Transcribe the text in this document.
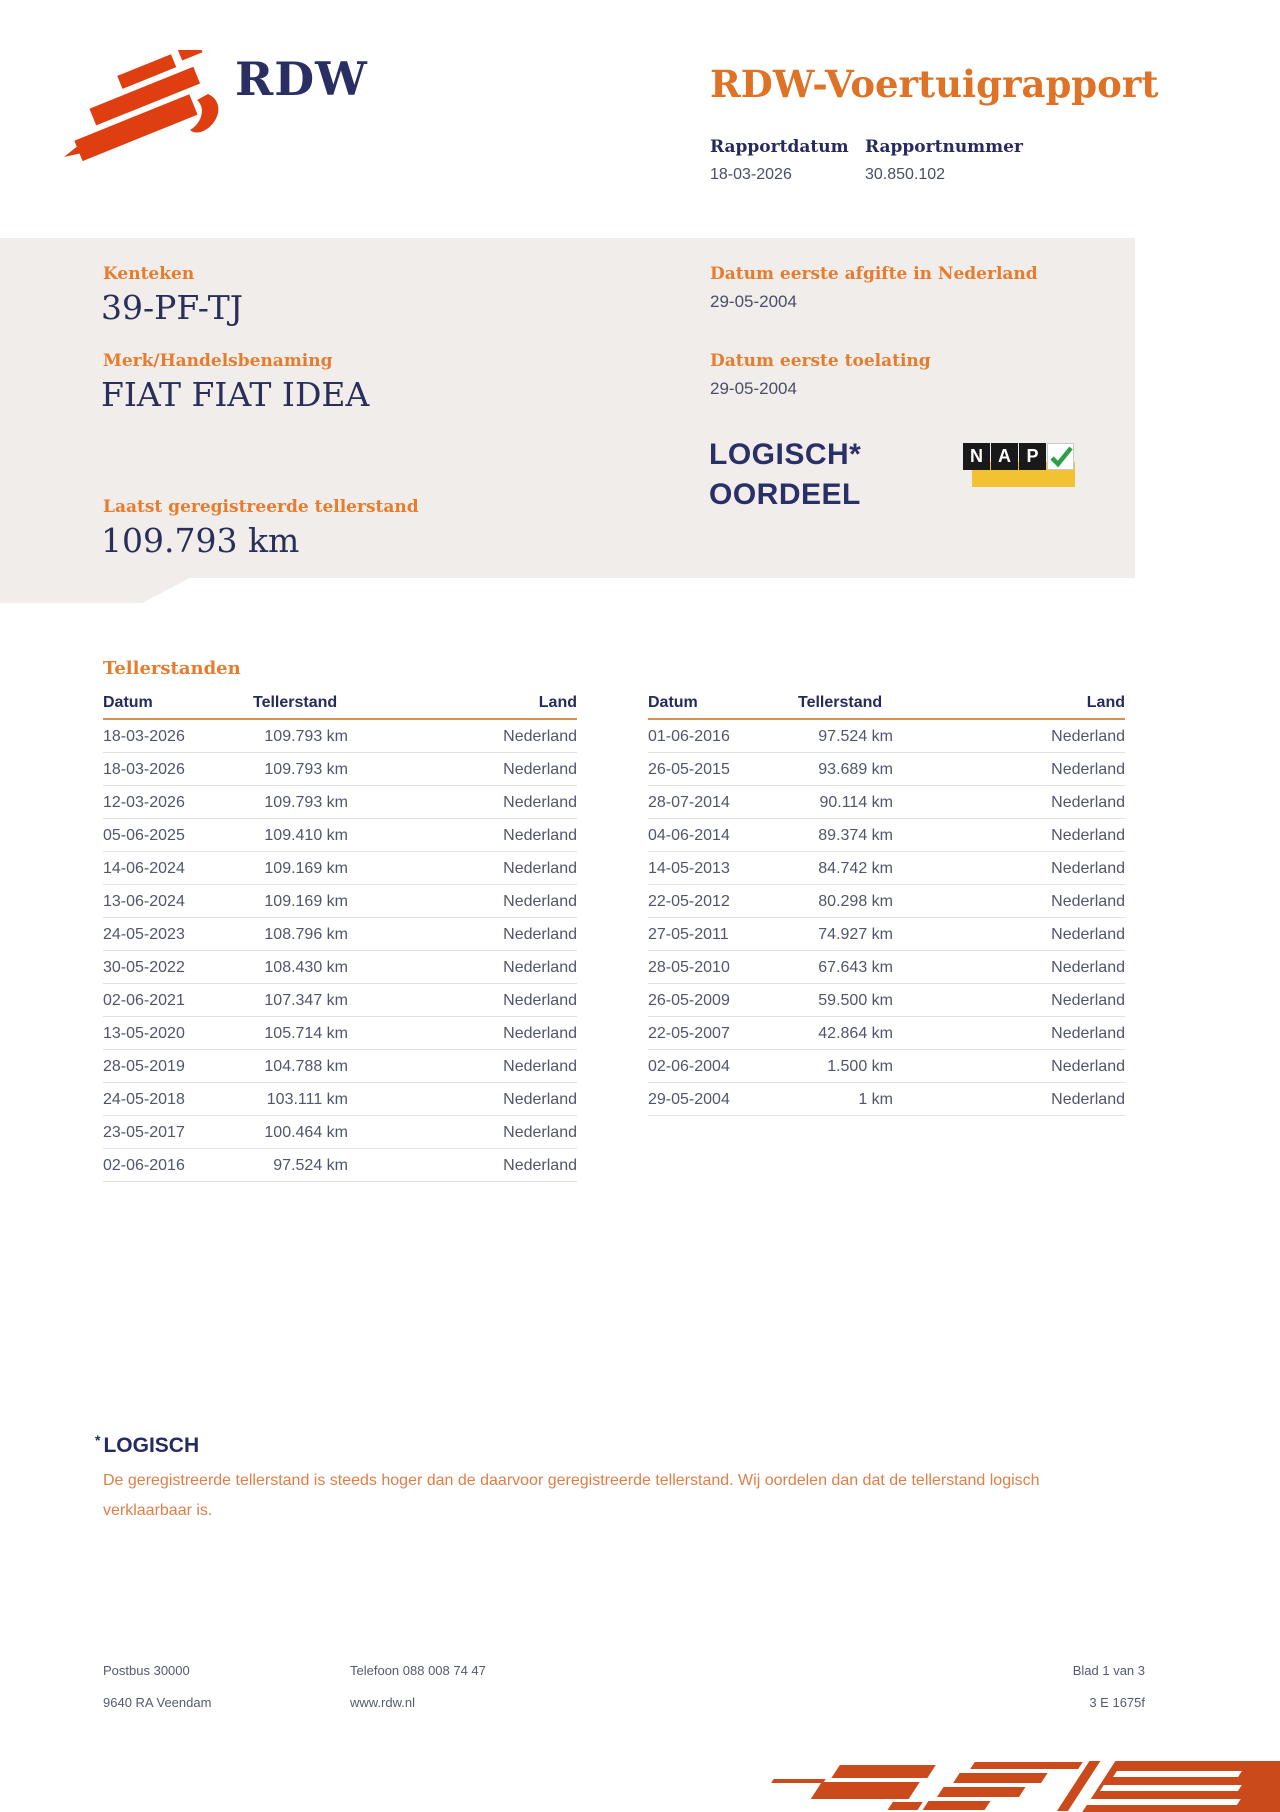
RDW	RDW-Voertuigrapport
Rapportdatum Rapportnummer
18-03-2026	30.850.102
Kenteken
39-PF-TJ
Merk/Handelsbenaming
FIAT FIAT IDEA
Laatst geregistreerde tellerstand
109.793 km
Datum eerste afgifte in Nederland
29-05-2004
Datum eerste toelating
29-05-2004
LOGISCH*
OORDEEL
N A P
Tellerstanden
Datum	Tellerstand	Land
18-03-2026	109.793 km	Nederland
18-03-2026	109.793 km	Nederland
12-03-2026	109.793 km	Nederland
05-06-2025	109.410 km	Nederland
14-06-2024	109.169 km	Nederland
13-06-2024	109.169 km	Nederland
24-05-2023	108.796 km	Nederland
30-05-2022	108.430 km	Nederland
02-06-2021	107.347 km	Nederland
13-05-2020	105.714 km	Nederland
28-05-2019	104.788 km	Nederland
24-05-2018	103.111 km	Nederland
23-05-2017	100.464 km	Nederland
02-06-2016	97.524 km	Nederland
Datum	Tellerstand	Land
01-06-2016	97.524 km	Nederland
26-05-2015	93.689 km	Nederland
28-07-2014	90.114 km	Nederland
04-06-2014	89.374 km	Nederland
14-05-2013	84.742 km	Nederland
22-05-2012	80.298 km	Nederland
27-05-2011	74.927 km	Nederland
28-05-2010	67.643 km	Nederland
26-05-2009	59.500 km	Nederland
22-05-2007	42.864 km	Nederland
02-06-2004	1.500 km	Nederland
29-05-2004	1 km	Nederland
* LOGISCH
De geregistreerde tellerstand is steeds hoger dan de daarvoor geregistreerde tellerstand. Wij oordelen dan dat de tellerstand logisch verklaarbaar is.
Postbus 30000
9640 RA Veendam
Telefoon 088 008 74 47
www.rdw.nl
Blad 1 van 3
3 E 1675f
